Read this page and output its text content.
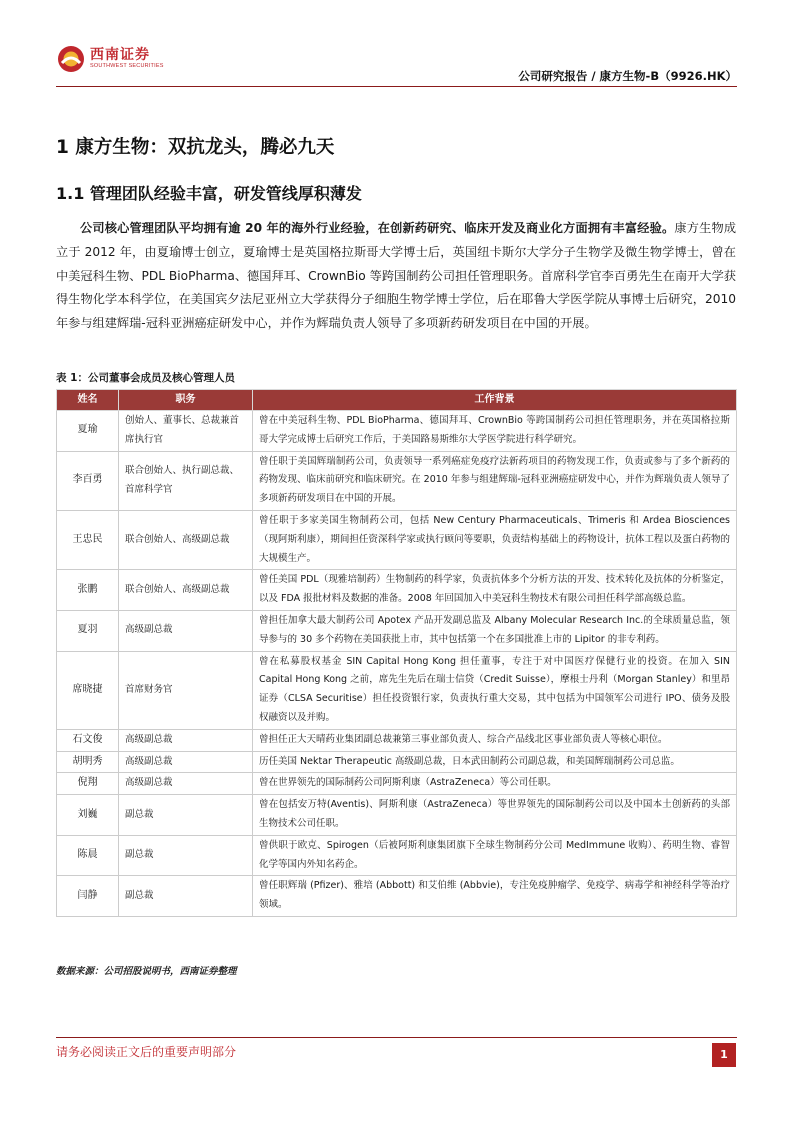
西南证券
SOUTHWEST SECURITIES
公司研究报告 / 康方生物-B（9926.HK）
1 康方生物：双抗龙头，腾必九天
1.1 管理团队经验丰富，研发管线厚积薄发

公司核心管理团队平均拥有逾 20 年的海外行业经验，在创新药研究、临床开发及商业化方面拥有丰富经验。康方生物成立于 2012 年，由夏瑜博士创立，夏瑜博士是英国格拉斯哥大学博士后，英国纽卡斯尔大学分子生物学及微生物学博士，曾在中美冠科生物、PDL BioPharma、德国拜耳、CrownBio 等跨国制药公司担任管理职务。首席科学官李百勇先生在南开大学获得生物化学本科学位，在美国宾夕法尼亚州立大学获得分子细胞生物学博士学位，后在耶鲁大学医学院从事博士后研究，2010 年参与组建辉瑞-冠科亚洲癌症研发中心，并作为辉瑞负责人领导了多项新药研发项目在中国的开展。

表 1：公司董事会成员及核心管理人员
姓名	职务	工作背景
夏瑜	创始人、董事长、总裁兼首席执行官	曾在中美冠科生物、PDL BioPharma、德国拜耳、CrownBio 等跨国制药公司担任管理职务，并在英国格拉斯哥大学完成博士后研究工作后，于美国路易斯维尔大学医学院进行科学研究。
李百勇	联合创始人、执行副总裁、首席科学官	曾任职于美国辉瑞制药公司，负责领导一系列癌症免疫疗法新药项目的药物发现工作，负责或参与了多个新药的药物发现、临床前研究和临床研究。在 2010 年参与组建辉瑞-冠科亚洲癌症研发中心，并作为辉瑞负责人领导了多项新药研发项目在中国的开展。
王忠民	联合创始人、高级副总裁	曾任职于多家美国生物制药公司，包括 New Century Pharmaceuticals、Trimeris 和 Ardea Biosciences（现阿斯利康），期间担任资深科学家或执行顾问等要职，负责结构基础上的药物设计，抗体工程以及蛋白药物的大规模生产。
张鹏	联合创始人、高级副总裁	曾任美国 PDL（现雅培制药）生物制药的科学家，负责抗体多个分析方法的开发、技术转化及抗体的分析鉴定，以及 FDA 报批材料及数据的准备。2008 年回国加入中美冠科生物技术有限公司担任科学部高级总监。
夏羽	高级副总裁	曾担任加拿大最大制药公司 Apotex 产品开发副总监及 Albany Molecular Research Inc.的全球质量总监，领导参与的 30 多个药物在美国获批上市，其中包括第一个在多国批准上市的 Lipitor 的非专利药。
席晓捷	首席财务官	曾在私募股权基金 SIN Capital Hong Kong 担任董事，专注于对中国医疗保健行业的投资。在加入 SIN Capital Hong Kong 之前，席先生先后在瑞士信贷（Credit Suisse），摩根士丹利（Morgan Stanley）和里昂证券（CLSA Securitise）担任投资银行家，负责执行重大交易，其中包括为中国领军公司进行 IPO、债务及股权融资以及并购。
石文俊	高级副总裁	曾担任正大天晴药业集团副总裁兼第三事业部负责人、综合产品线北区事业部负责人等核心职位。
胡明秀	高级副总裁	历任美国 Nektar Therapeutic 高级副总裁，日本武田制药公司副总裁，和美国辉瑞制药公司总监。
倪翔	高级副总裁	曾在世界领先的国际制药公司阿斯利康（AstraZeneca）等公司任职。
刘巍	副总裁	曾在包括安万特(Aventis)、阿斯利康（AstraZeneca）等世界领先的国际制药公司以及中国本土创新药的头部生物技术公司任职。
陈晨	副总裁	曾供职于欧克、Spirogen（后被阿斯利康集团旗下全球生物制药分公司 MedImmune 收购）、药明生物、睿智化学等国内外知名药企。
闫静	副总裁	曾任职辉瑞 (Pfizer)、雅培 (Abbott) 和艾伯维 (Abbvie)，专注免疫肿瘤学、免疫学、病毒学和神经科学等治疗领域。
数据来源：公司招股说明书，西南证券整理
请务必阅读正文后的重要声明部分	1
